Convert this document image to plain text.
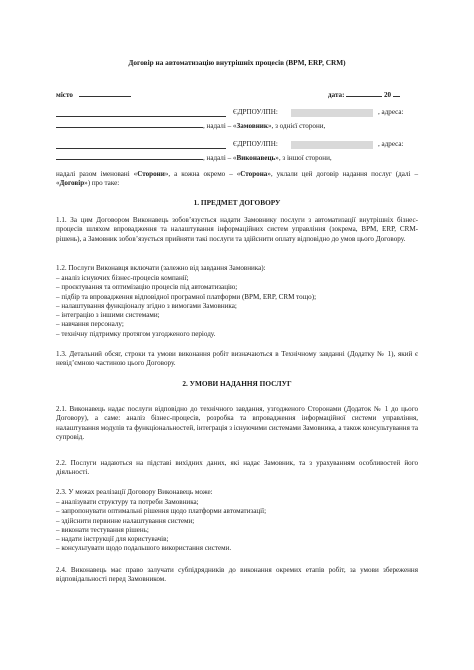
Договір на автоматизацію внутрішніх процесів (BPM, ERP, CRM)
місто	дата:	20
ЄДРПОУ/ІПН:	, адреса:
, надалі – «Замовник», з однієї сторони,
ЄДРПОУ/ІПН:	, адреса:
, надалі – «Виконавець», з іншої сторони,
надалі разом іменовані «Сторони», а кожна окремо – «Сторона», уклали цей договір надання послуг (далі – «Договір») про таке:
1. ПРЕДМЕТ ДОГОВОРУ
1.1. За цим Договором Виконавець зобов’язується надати Замовнику послуги з автоматизації внутрішніх бізнес-процесів шляхом впровадження та налаштування інформаційних систем управління (зокрема, BPM, ERP, CRM-рішень), а Замовник зобов’язується прийняти такі послуги та здійснити оплату відповідно до умов цього Договору.
1.2. Послуги Виконавця включати (залежно від завдання Замовника):
– аналіз існуючих бізнес-процесів компанії;
– проєктування та оптимізацію процесів під автоматизацію;
– підбір та впровадження відповідної програмної платформи (BPM, ERP, CRM тощо);
– налаштування функціоналу згідно з вимогами Замовника;
– інтеграцію з іншими системами;
– навчання персоналу;
– технічну підтримку протягом узгодженого періоду.
1.3. Детальний обсяг, строки та умови виконання робіт визначаються в Технічному завданні (Додатку № 1), який є невід’ємною частиною цього Договору.
2. УМОВИ НАДАННЯ ПОСЛУГ
2.1. Виконавець надає послуги відповідно до технічного завдання, узгодженого Сторонами (Додаток № 1 до цього Договору), а саме: аналіз бізнес-процесів, розробка та впровадження інформаційної системи управління, налаштування модулів та функціональностей, інтеграція з існуючими системами Замовника, а також консультування та супровід.
2.2. Послуги надаються на підставі вихідних даних, які надає Замовник, та з урахуванням особливостей його діяльності.
2.3. У межах реалізації Договору Виконавець може:
– аналізувати структуру та потреби Замовника;
– запропонувати оптимальні рішення щодо платформи автоматизації;
– здійснити первинне налаштування системи;
– виконати тестування рішень;
– надати інструкції для користувачів;
– консультувати щодо подальшого використання системи.
2.4. Виконавець має право залучати субпідрядників до виконання окремих етапів робіт, за умови збереження відповідальності перед Замовником.
